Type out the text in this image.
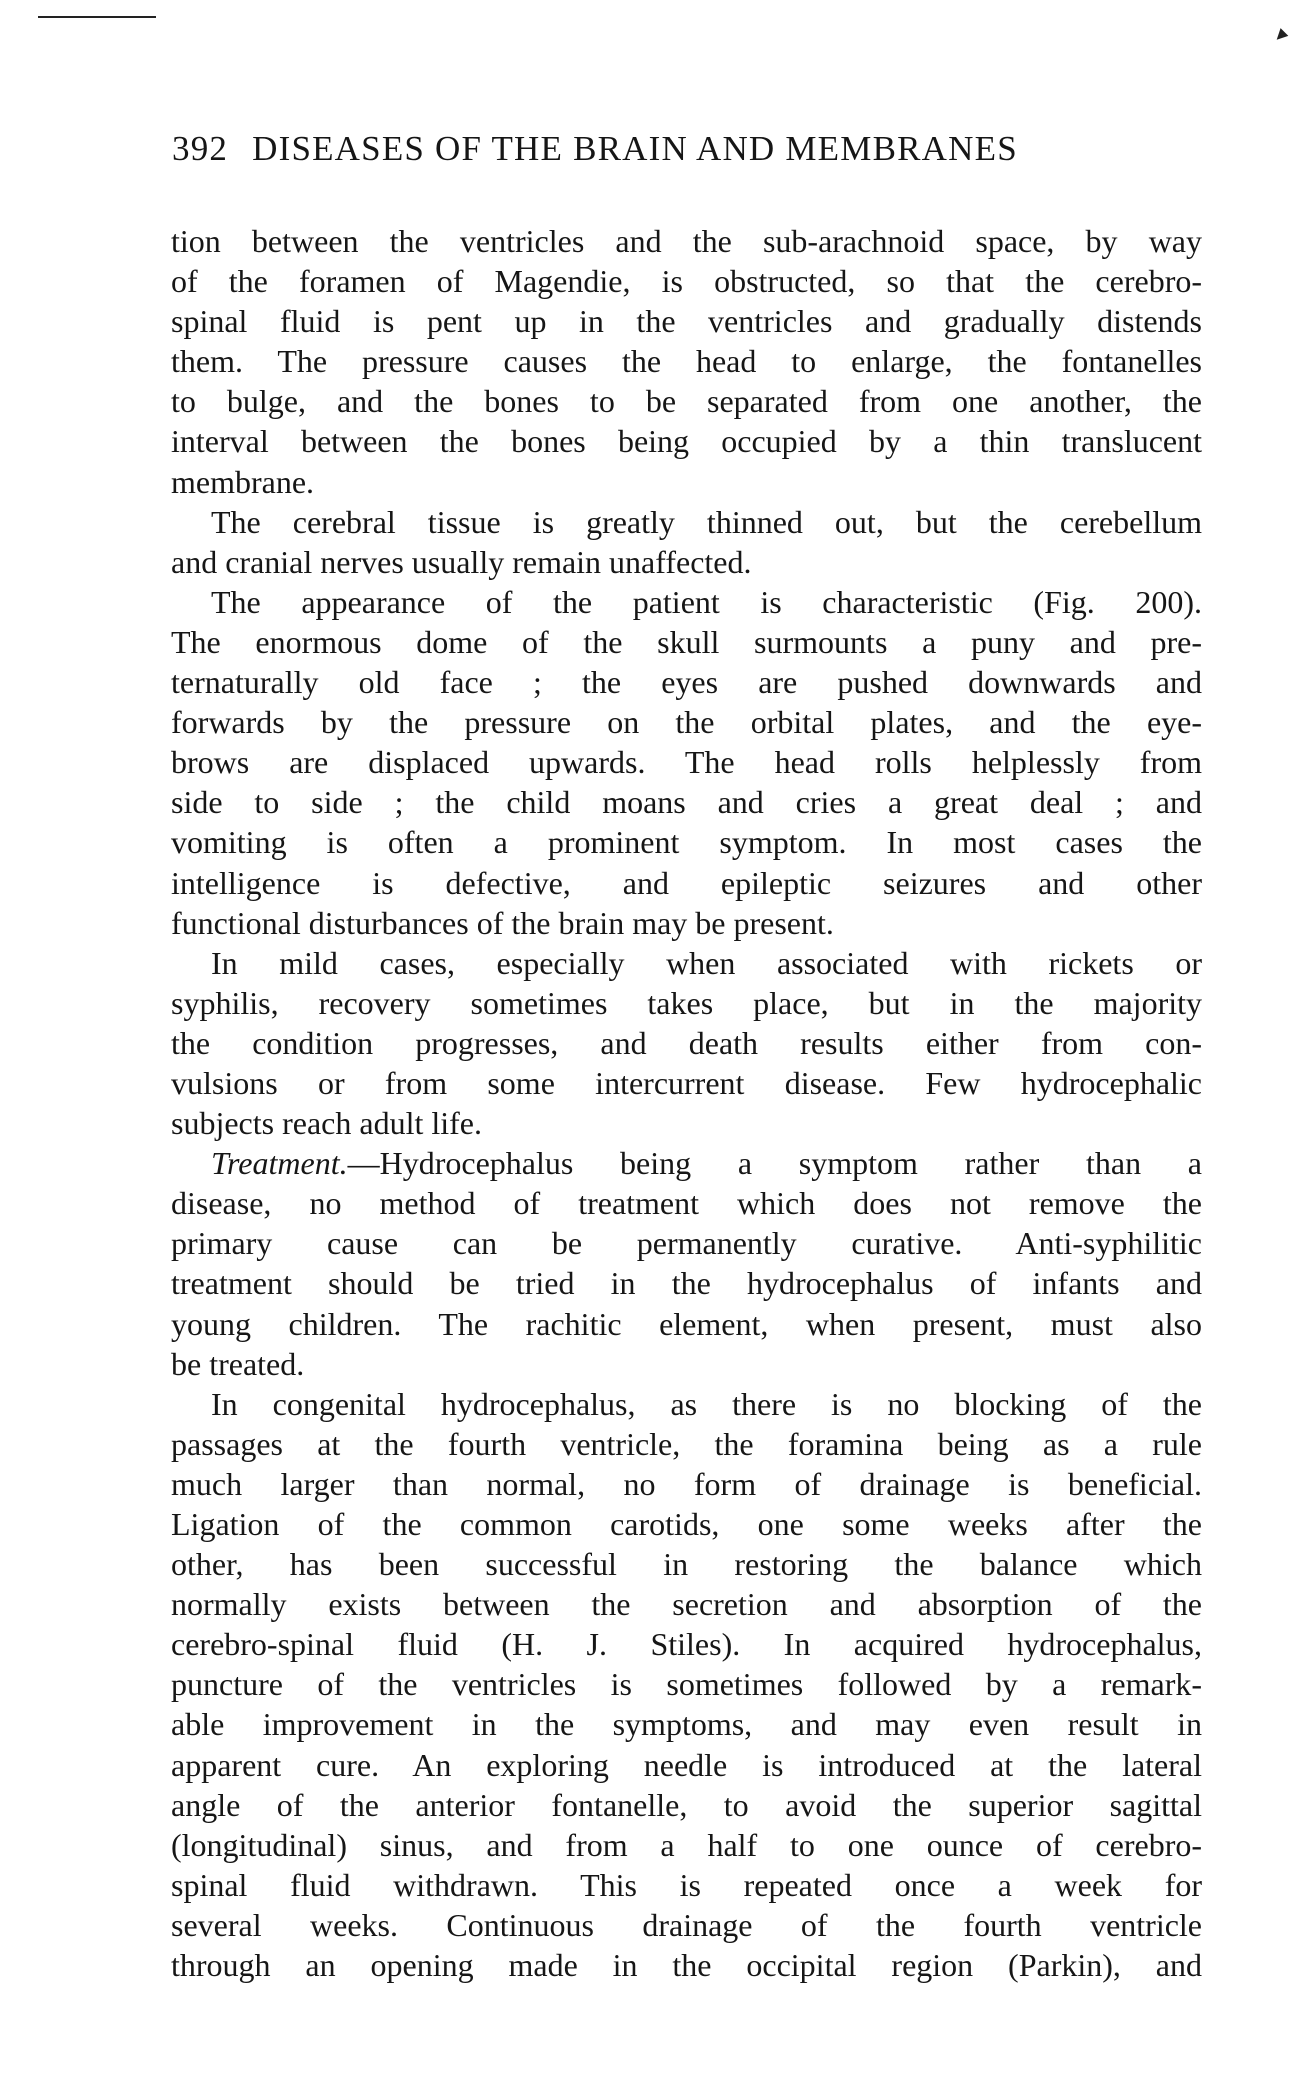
▾
392 DISEASES OF THE BRAIN AND MEMBRANES
tion between the ventricles and the sub-arachnoid space, by way
of the foramen of Magendie, is obstructed, so that the cerebro-
spinal fluid is pent up in the ventricles and gradually distends
them. The pressure causes the head to enlarge, the fontanelles
to bulge, and the bones to be separated from one another, the
interval between the bones being occupied by a thin translucent
membrane.
The cerebral tissue is greatly thinned out, but the cerebellum
and cranial nerves usually remain unaffected.
The appearance of the patient is characteristic (Fig. 200).
The enormous dome of the skull surmounts a puny and pre-
ternaturally old face ; the eyes are pushed downwards and
forwards by the pressure on the orbital plates, and the eye-
brows are displaced upwards. The head rolls helplessly from
side to side ; the child moans and cries a great deal ; and
vomiting is often a prominent symptom. In most cases the
intelligence is defective, and epileptic seizures and other
functional disturbances of the brain may be present.
In mild cases, especially when associated with rickets or
syphilis, recovery sometimes takes place, but in the majority
the condition progresses, and death results either from con-
vulsions or from some intercurrent disease. Few hydrocephalic
subjects reach adult life.
Treatment.—Hydrocephalus being a symptom rather than a
disease, no method of treatment which does not remove the
primary cause can be permanently curative. Anti-syphilitic
treatment should be tried in the hydrocephalus of infants and
young children. The rachitic element, when present, must also
be treated.
In congenital hydrocephalus, as there is no blocking of the
passages at the fourth ventricle, the foramina being as a rule
much larger than normal, no form of drainage is beneficial.
Ligation of the common carotids, one some weeks after the
other, has been successful in restoring the balance which
normally exists between the secretion and absorption of the
cerebro-spinal fluid (H. J. Stiles). In acquired hydrocephalus,
puncture of the ventricles is sometimes followed by a remark-
able improvement in the symptoms, and may even result in
apparent cure. An exploring needle is introduced at the lateral
angle of the anterior fontanelle, to avoid the superior sagittal
(longitudinal) sinus, and from a half to one ounce of cerebro-
spinal fluid withdrawn. This is repeated once a week for
several weeks. Continuous drainage of the fourth ventricle
through an opening made in the occipital region (Parkin), and
